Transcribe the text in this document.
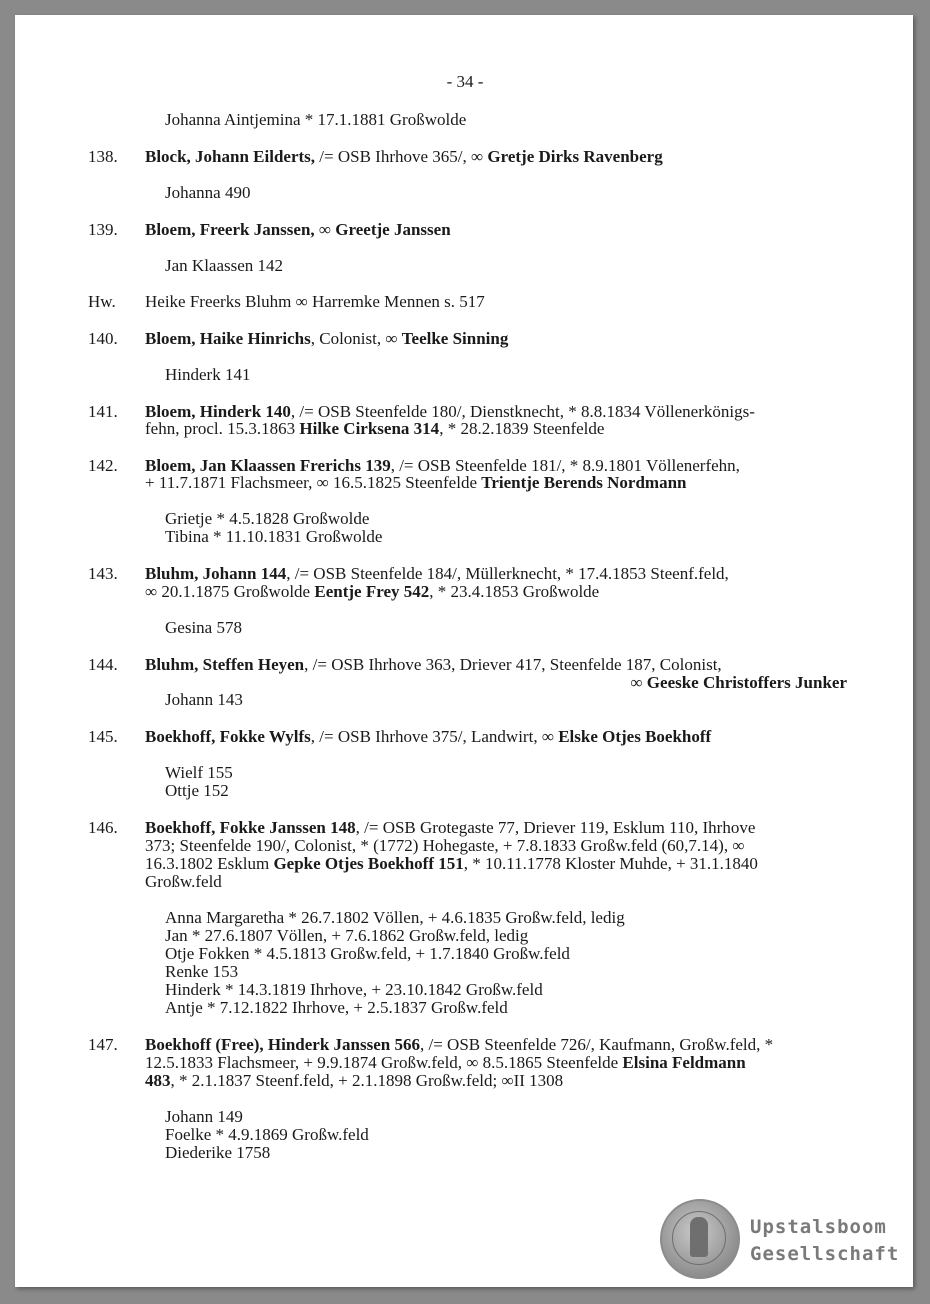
- 34 -
Johanna Aintjemina * 17.1.1881 Großwolde
138. Block, Johann Eilderts, /= OSB Ihrhove 365/, ∞ Gretje Dirks Ravenberg
Johanna 490
139. Bloem, Freerk Janssen, ∞ Greetje Janssen
Jan Klaassen 142
Hw. Heike Freerks Bluhm ∞ Harremke Mennen s. 517
140. Bloem, Haike Hinrichs, Colonist, ∞ Teelke Sinning
Hinderk 141
141. Bloem, Hinderk 140, /= OSB Steenfelde 180/, Dienstknecht, * 8.8.1834 Völlenerkönigs-
fehn, procl. 15.3.1863 Hilke Cirksena 314, * 28.2.1839 Steenfelde
142. Bloem, Jan Klaassen Frerichs 139, /= OSB Steenfelde 181/, * 8.9.1801 Völlenerfehn,
+ 11.7.1871 Flachsmeer, ∞ 16.5.1825 Steenfelde Trientje Berends Nordmann
Grietje * 4.5.1828 Großwolde
Tibina * 11.10.1831 Großwolde
143. Bluhm, Johann 144, /= OSB Steenfelde 184/, Müllerknecht, * 17.4.1853 Steenf.feld,
∞ 20.1.1875 Großwolde Eentje Frey 542, * 23.4.1853 Großwolde
Gesina 578
144. Bluhm, Steffen Heyen, /= OSB Ihrhove 363, Driever 417, Steenfelde 187, Colonist,
∞ Geeske Christoffers Junker
Johann 143
145. Boekhoff, Fokke Wylfs, /= OSB Ihrhove 375/, Landwirt, ∞ Elske Otjes Boekhoff
Wielf 155
Ottje 152
146. Boekhoff, Fokke Janssen 148, /= OSB Grotegaste 77, Driever 119, Esklum 110, Ihrhove
373; Steenfelde 190/, Colonist, * (1772) Hohegaste, + 7.8.1833 Großw.feld (60,7.14), ∞
16.3.1802 Esklum Gepke Otjes Boekhoff 151, * 10.11.1778 Kloster Muhde, + 31.1.1840
Großw.feld
Anna Margaretha * 26.7.1802 Völlen, + 4.6.1835 Großw.feld, ledig
Jan * 27.6.1807 Völlen, + 7.6.1862 Großw.feld, ledig
Otje Fokken * 4.5.1813 Großw.feld, + 1.7.1840 Großw.feld
Renke 153
Hinderk * 14.3.1819 Ihrhove, + 23.10.1842 Großw.feld
Antje * 7.12.1822 Ihrhove, + 2.5.1837 Großw.feld
147. Boekhoff (Free), Hinderk Janssen 566, /= OSB Steenfelde 726/, Kaufmann, Großw.feld, *
12.5.1833 Flachsmeer, + 9.9.1874 Großw.feld, ∞ 8.5.1865 Steenfelde Elsina Feldmann
483, * 2.1.1837 Steenf.feld, + 2.1.1898 Großw.feld; ∞II 1308
Johann 149
Foelke * 4.9.1869 Großw.feld
Diederike 1758
Upstalsboom
Gesellschaft
